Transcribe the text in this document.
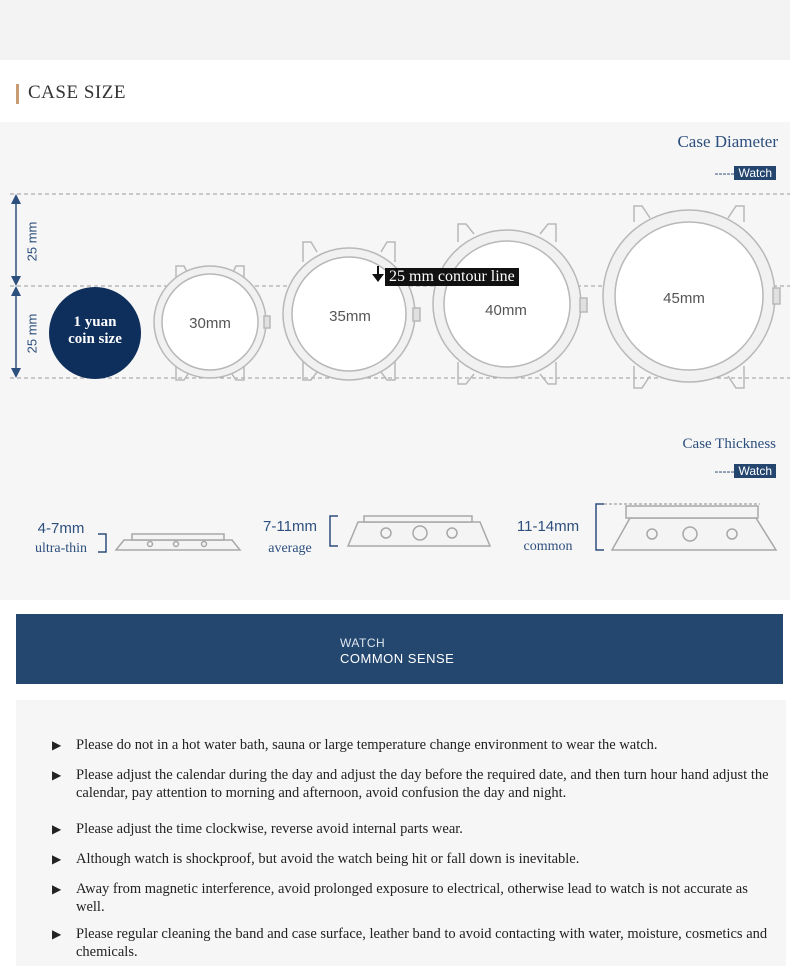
CASE SIZE
Case Diameter
----- Watch
25 mm
25 mm	1 yuan
coin size
25 mm contour line
30mm	35mm	40mm
45mm
Case Thickness
----- Watch
4-7mm
ultra-thin
7-11mm
average
11-14mm
common
WATCH
COMMON SENSE
▶ Please do not in a hot water bath, sauna or large temperature change environment to wear the watch.
▶ Please adjust the calendar during the day and adjust the day before the required date, and then turn hour hand adjust the calendar, pay attention to morning and afternoon, avoid confusion the day and night.
▶ Please adjust the time clockwise, reverse avoid internal parts wear.
▶ Although watch is shockproof, but avoid the watch being hit or fall down is inevitable.
▶ Away from magnetic interference, avoid prolonged exposure to electrical, otherwise lead to watch is not accurate as well.
▶ Please regular cleaning the band and case surface, leather band to avoid contacting with water, moisture, cosmetics and chemicals.
